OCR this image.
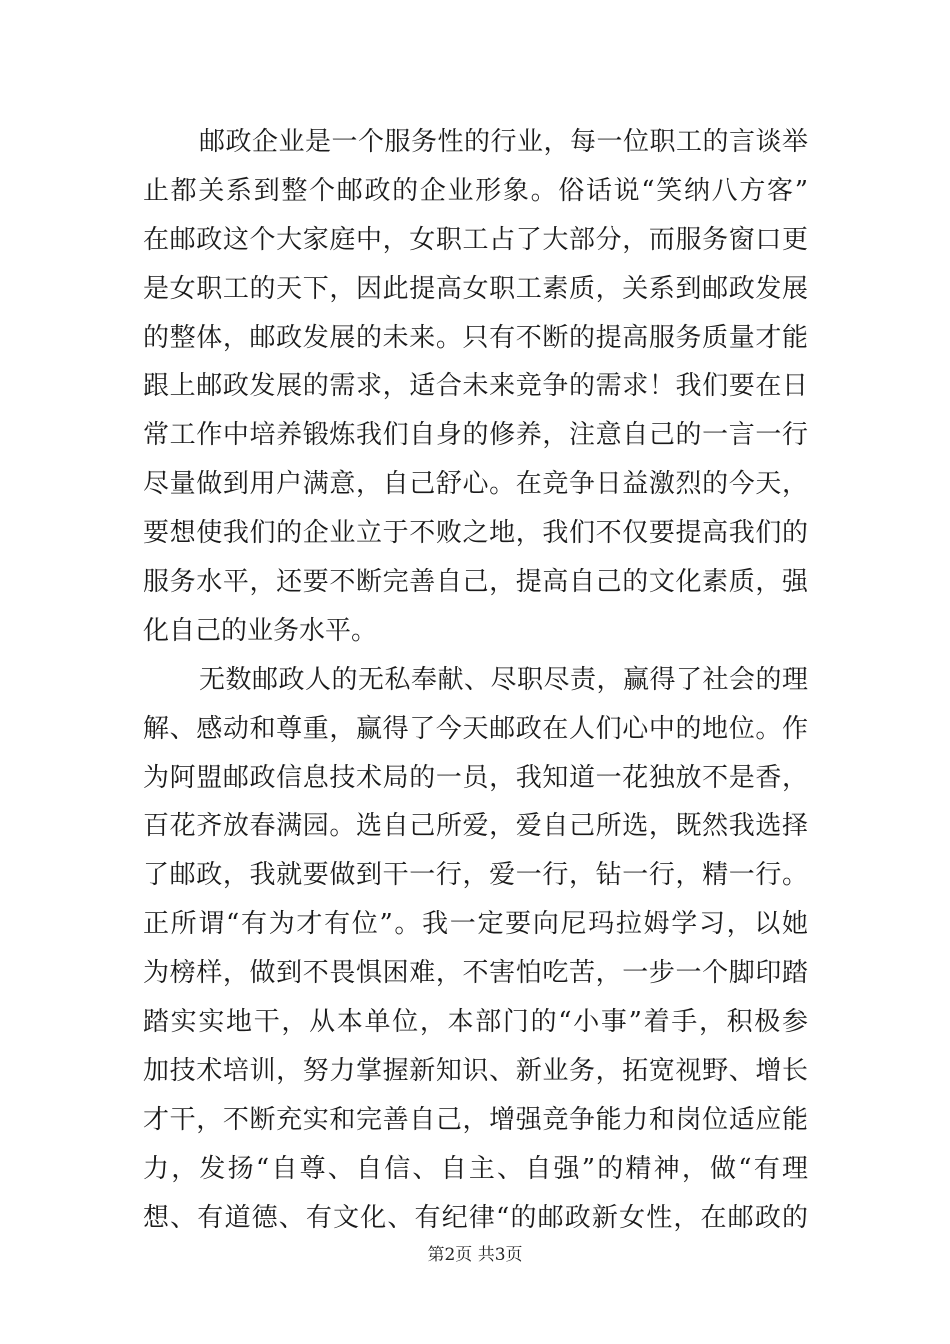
邮政企业是一个服务性的行业，每一位职工的言谈举
止都关系到整个邮政的企业形象。俗话说“笑纳八方客”
在邮政这个大家庭中，女职工占了大部分，而服务窗口更
是女职工的天下，因此提高女职工素质，关系到邮政发展
的整体，邮政发展的未来。只有不断的提高服务质量才能
跟上邮政发展的需求，适合未来竞争的需求！我们要在日
常工作中培养锻炼我们自身的修养，注意自己的一言一行
尽量做到用户满意，自己舒心。在竞争日益激烈的今天，
要想使我们的企业立于不败之地，我们不仅要提高我们的
服务水平，还要不断完善自己，提高自己的文化素质，强
化自己的业务水平。
无数邮政人的无私奉献、尽职尽责，赢得了社会的理
解、感动和尊重，赢得了今天邮政在人们心中的地位。作
为阿盟邮政信息技术局的一员，我知道一花独放不是香，
百花齐放春满园。选自己所爱，爱自己所选，既然我选择
了邮政，我就要做到干一行，爱一行，钻一行，精一行。
正所谓“有为才有位”。我一定要向尼玛拉姆学习，以她
为榜样，做到不畏惧困难，不害怕吃苦，一步一个脚印踏
踏实实地干，从本单位，本部门的“小事”着手，积极参
加技术培训，努力掌握新知识、新业务，拓宽视野、增长
才干，不断充实和完善自己，增强竞争能力和岗位适应能
力，发扬“自尊、自信、自主、自强”的精神，做“有理
想、有道德、有文化、有纪律“的邮政新女性，在邮政的
第2页 共3页
